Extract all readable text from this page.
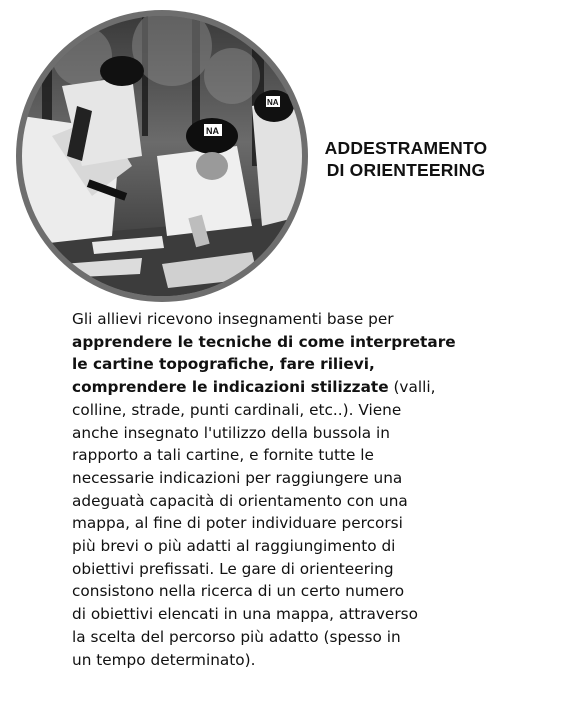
NA
NA
ADDESTRAMENTO
DI ORIENTEERING

Gli allievi ricevono insegnamenti base per
apprendere le tecniche di come interpretare
le cartine topografiche, fare rilievi,
comprendere le indicazioni stilizzate (valli,
colline, strade, punti cardinali, etc..). Viene
anche insegnato l'utilizzo della bussola in
rapporto a tali cartine, e fornite tutte le
necessarie indicazioni per raggiungere una
adeguatà capacità di orientamento con una
mappa, al fine di poter individuare percorsi
più brevi o più adatti al raggiungimento di
obiettivi prefissati. Le gare di orienteering
consistono nella ricerca di un certo numero
di obiettivi elencati in una mappa, attraverso
la scelta del percorso più adatto (spesso in
un tempo determinato).
